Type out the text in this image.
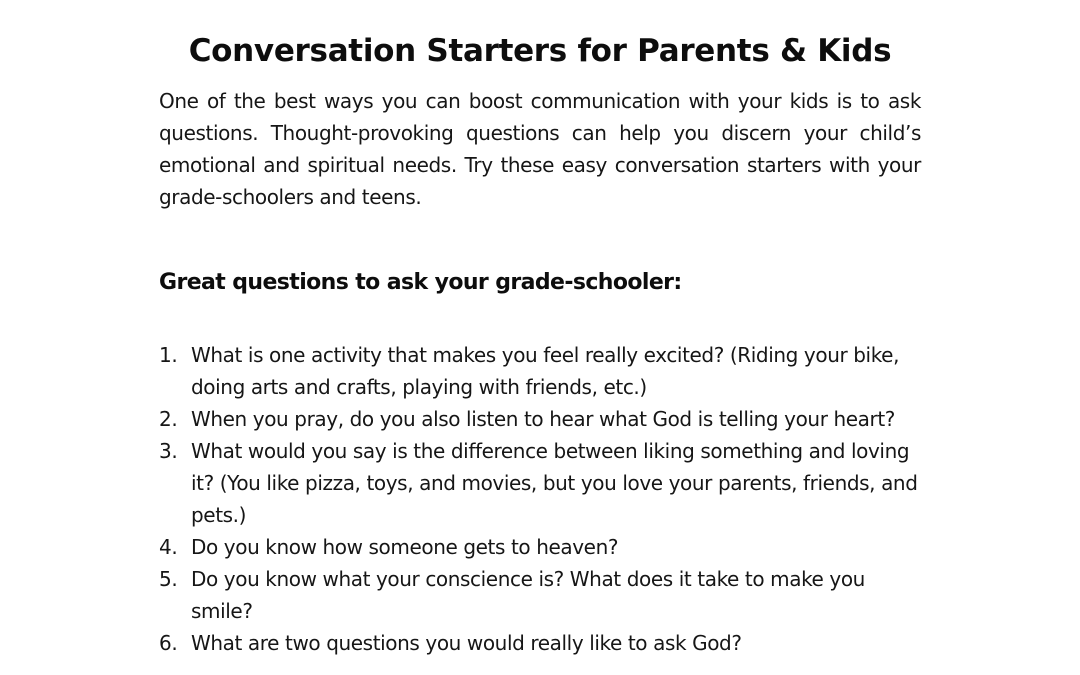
Conversation Starters for Parents & Kids

One of the best ways you can boost communication with your kids is to ask questions. Thought-provoking questions can help you discern your child’s emotional and spiritual needs. Try these easy conversation starters with your grade-schoolers and teens.

Great questions to ask your grade-schooler:
1. What is one activity that makes you feel really excited? (Riding your bike, doing arts and crafts, playing with friends, etc.)
2. When you pray, do you also listen to hear what God is telling your heart?
3. What would you say is the difference between liking something and loving it? (You like pizza, toys, and movies, but you love your parents, friends, and pets.)
4. Do you know how someone gets to heaven?
5. Do you know what your conscience is? What does it take to make you smile?
6. What are two questions you would really like to ask God?
